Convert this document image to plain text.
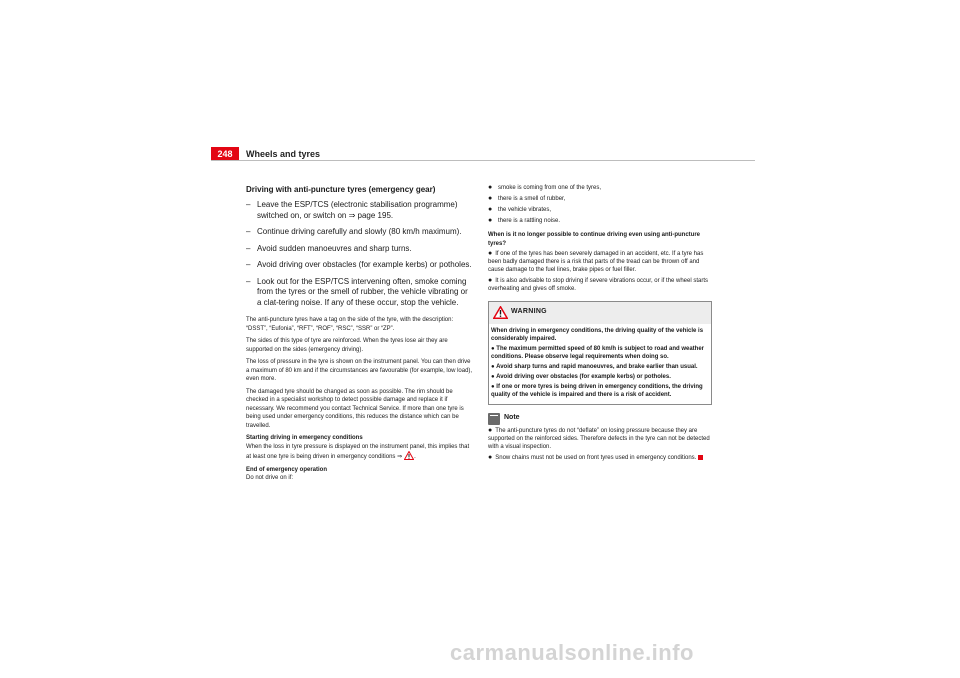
248	Wheels and tyres
Driving with anti-puncture tyres (emergency gear)
– Leave the ESP/TCS (electronic stabilisation programme) switched on, or switch on ⇒ page 195.
– Continue driving carefully and slowly (80 km/h maximum).
– Avoid sudden manoeuvres and sharp turns.
– Avoid driving over obstacles (for example kerbs) or potholes.
– Look out for the ESP/TCS intervening often, smoke coming from the tyres or the smell of rubber, the vehicle vibrating or a clat-tering noise. If any of these occur, stop the vehicle.

The anti-puncture tyres have a tag on the side of the tyre, with the description: “DSST”, “Eufonia”, “RFT”, “ROF”, “RSC”, “SSR” or “ZP”.

The sides of this type of tyre are reinforced. When the tyres lose air they are supported on the sides (emergency driving).

The loss of pressure in the tyre is shown on the instrument panel. You can then drive a maximum of 80 km and if the circumstances are favourable (for example, low load), even more.

The damaged tyre should be changed as soon as possible. The rim should be checked in a specialist workshop to detect possible damage and replace it if necessary. We recommend you contact Technical Service. If more than one tyre is being used under emergency conditions, this reduces the distance which can be travelled.

Starting driving in emergency conditions

When the loss in tyre pressure is displayed on the instrument panel, this implies that at least one tyre is being driven in emergency conditions ⇒ .

End of emergency operation

Do not drive on if:

● smoke is coming from one of the tyres,
● there is a smell of rubber,
● the vehicle vibrates,
● there is a rattling noise.

When is it no longer possible to continue driving even using anti-puncture tyres?

● If one of the tyres has been severely damaged in an accident, etc. If a tyre has been badly damaged there is a risk that parts of the tread can be thrown off and cause damage to the fuel lines, brake pipes or fuel filler.
● It is also advisable to stop driving if severe vibrations occur, or if the wheel starts overheating and gives off smoke.
WARNING

When driving in emergency conditions, the driving quality of the vehicle is considerably impaired.

● The maximum permitted speed of 80 km/h is subject to road and weather conditions. Please observe legal requirements when doing so.

● Avoid sharp turns and rapid manoeuvres, and brake earlier than usual.

● Avoid driving over obstacles (for example kerbs) or potholes.

● If one or more tyres is being driven in emergency conditions, the driving quality of the vehicle is impaired and there is a risk of accident.

Note
● The anti-puncture tyres do not “deflate” on losing pressure because they are supported on the reinforced sides. Therefore defects in the tyre can not be detected with a visual inspection.
● Snow chains must not be used on front tyres used in emergency conditions.
carmanualsonline.info
